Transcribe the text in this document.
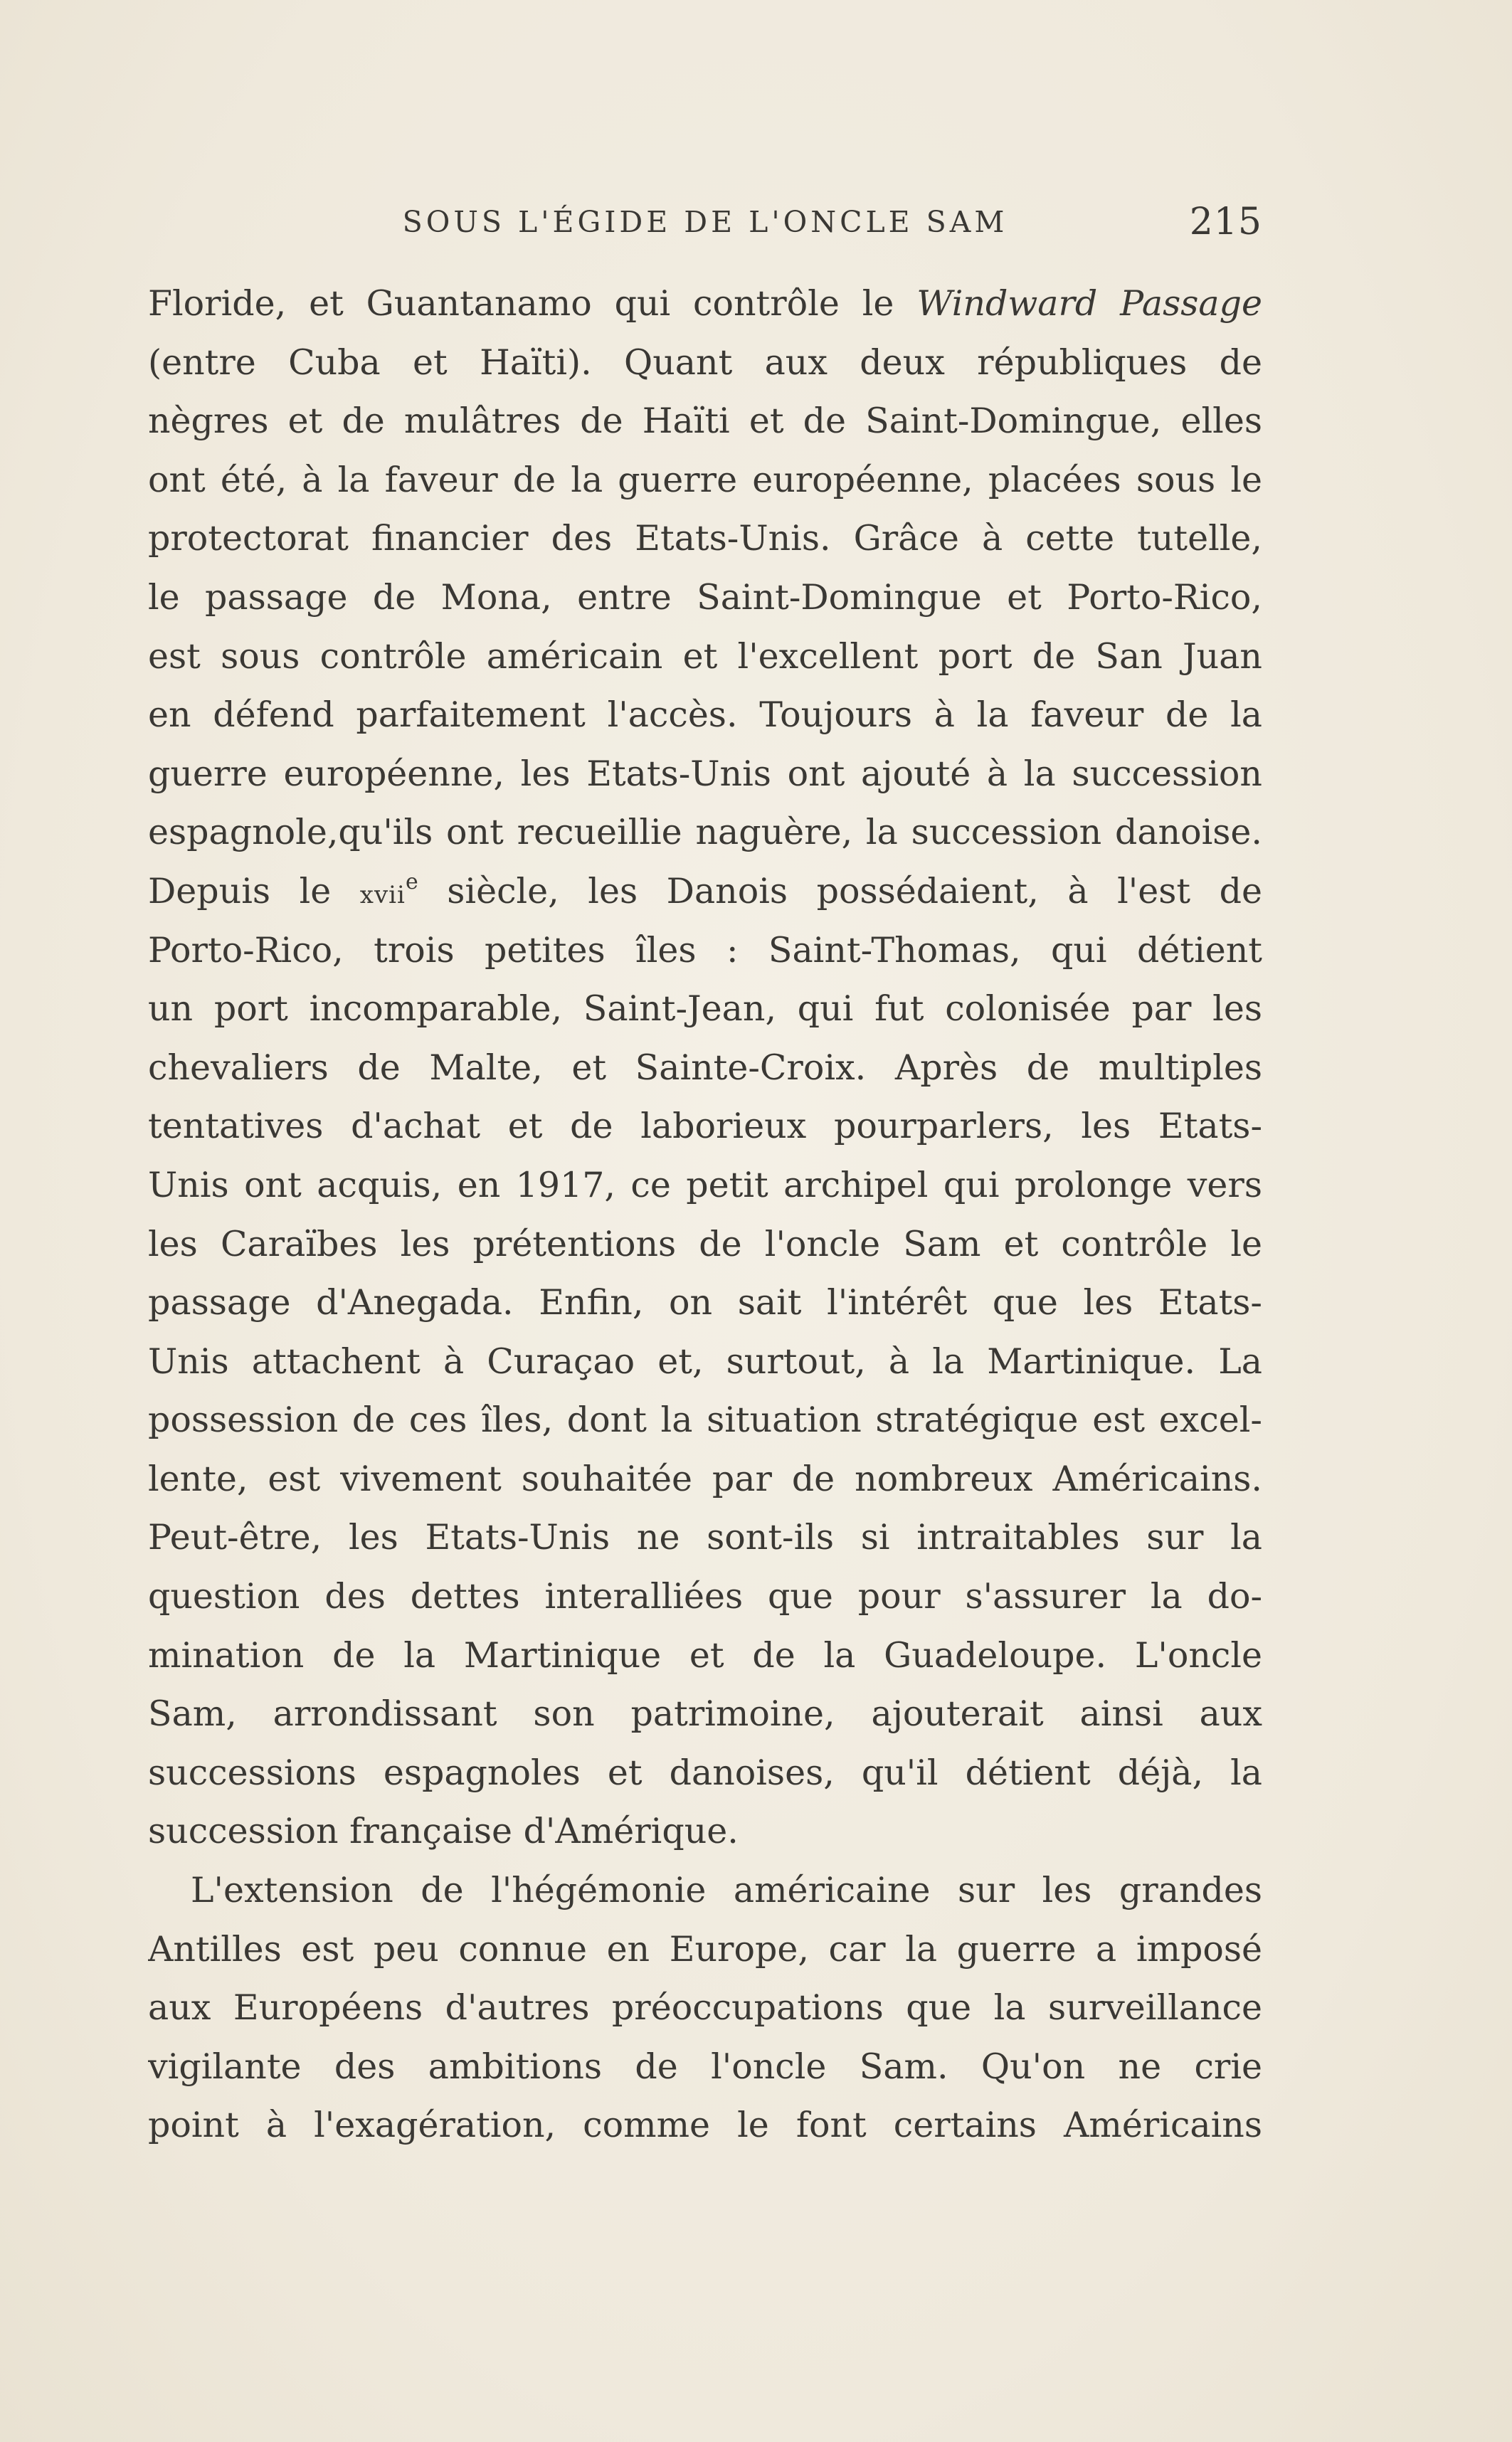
SOUS L'ÉGIDE DE L'ONCLE SAM	215
Floride, et Guantanamo qui contrôle le Windward Passage
(entre Cuba et Haïti). Quant aux deux républiques de
nègres et de mulâtres de Haïti et de Saint-Domingue, elles
ont été, à la faveur de la guerre européenne, placées sous le
protectorat financier des Etats-Unis. Grâce à cette tutelle,
le passage de Mona, entre Saint-Domingue et Porto-Rico,
est sous contrôle américain et l'excellent port de San Juan
en défend parfaitement l'accès. Toujours à la faveur de la
guerre européenne, les Etats-Unis ont ajouté à la succession
espagnole,qu'ils ont recueillie naguère, la succession danoise.
Depuis le xvii$^e$ siècle, les Danois possédaient, à l'est de
Porto-Rico, trois petites îles : Saint-Thomas, qui détient
un port incomparable, Saint-Jean, qui fut colonisée par les
chevaliers de Malte, et Sainte-Croix. Après de multiples
tentatives d'achat et de laborieux pourparlers, les Etats-
Unis ont acquis, en 1917, ce petit archipel qui prolonge vers
les Caraïbes les prétentions de l'oncle Sam et contrôle le
passage d'Anegada. Enfin, on sait l'intérêt que les Etats-
Unis attachent à Curaçao et, surtout, à la Martinique. La
possession de ces îles, dont la situation stratégique est excel-
lente, est vivement souhaitée par de nombreux Américains.
Peut-être, les Etats-Unis ne sont-ils si intraitables sur la
question des dettes interalliées que pour s'assurer la do-
mination de la Martinique et de la Guadeloupe. L'oncle
Sam, arrondissant son patrimoine, ajouterait ainsi aux
successions espagnoles et danoises, qu'il détient déjà, la
succession française d'Amérique.
L'extension de l'hégémonie américaine sur les grandes
Antilles est peu connue en Europe, car la guerre a imposé
aux Européens d'autres préoccupations que la surveillance
vigilante des ambitions de l'oncle Sam. Qu'on ne crie
point à l'exagération, comme le font certains Américains
